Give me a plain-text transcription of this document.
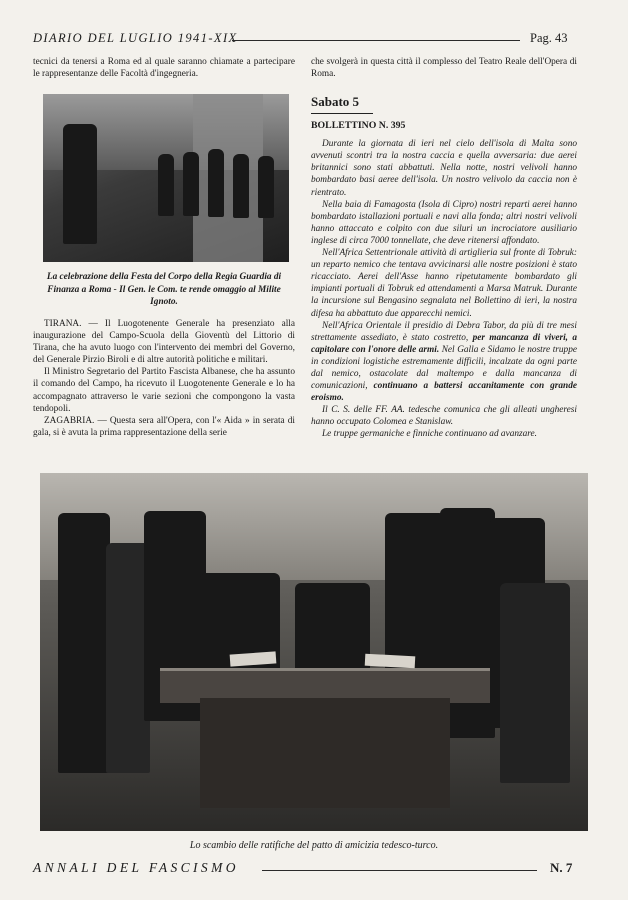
DIARIO DEL LUGLIO 1941-XIX	Pag. 43

tecnici da tenersi a Roma ed al quale saranno chiamate a partecipare le rappresentanze delle Facoltà d'ingegneria.

La celebrazione della Festa del Corpo della Regia Guardia di Finanza a Roma - Il Gen. le Com. te rende omaggio al Milite Ignoto.

TIRANA. — Il Luogotenente Generale ha presenziato alla inaugurazione del Campo-Scuola della Gioventù del Littorio di Tirana, che ha avuto luogo con l'intervento dei membri del Governo, del Generale Pirzio Biroli e di altre autorità politiche e militari.

Il Ministro Segretario del Partito Fascista Albanese, che ha assunto il comando del Campo, ha ricevuto il Luogotenente Generale e lo ha accompagnato attraverso le varie sezioni che compongono la vasta tendopoli.

ZAGABRIA. — Questa sera all'Opera, con l'« Aida » in serata di gala, si è avuta la prima rappresentazione della serie

che svolgerà in questa città il complesso del Teatro Reale dell'Opera di Roma.

Sabato 5
BOLLETTINO N. 395

Durante la giornata di ieri nel cielo dell'isola di Malta sono avvenuti scontri tra la nostra caccia e quella avversaria: due aerei britannici sono stati abbattuti. Nella notte, nostri velivoli hanno bombardato basi aeree dell'isola. Un nostro velivolo da caccia non è rientrato.

Nella baia di Famagosta (Isola di Cipro) nostri reparti aerei hanno bombardato istallazioni portuali e navi alla fonda; altri nostri velivoli hanno attaccato e colpito con due siluri un incrociatore ausiliario inglese di circa 7000 tonnellate, che deve ritenersi affondato.

Nell'Africa Settentrionale attività di artiglieria sul fronte di Tobruk: un reparto nemico che tentava avvicinarsi alle nostre posizioni è stato ricacciato. Aerei dell'Asse hanno ripetutamente bombardato gli impianti portuali di Tobruk ed attendamenti a Marsa Matruk. Durante la incursione sul Bengasino segnalata nel Bollettino di ieri, la nostra difesa ha abbattuto due apparecchi nemici.

Nell'Africa Orientale il presidio di Debra Tabor, da più di tre mesi strettamente assediato, è stato costretto, per mancanza di viveri, a capitolare con l'onore delle armi. Nel Galla e Sidamo le nostre truppe in condizioni logistiche estremamente difficili, incalzate da ogni parte dal nemico, ostacolate dal maltempo e dalla mancanza di comunicazioni, continuano a battersi accanitamente con grande eroismo.

Il C. S. delle FF. AA. tedesche comunica che gli alleati ungheresi hanno occupato Colomea e Stanislaw.

Le truppe germaniche e finniche continuano ad avanzare.

Lo scambio delle ratifiche del patto di amicizia tedesco-turco.
ANNALI DEL FASCISMO	N. 7
